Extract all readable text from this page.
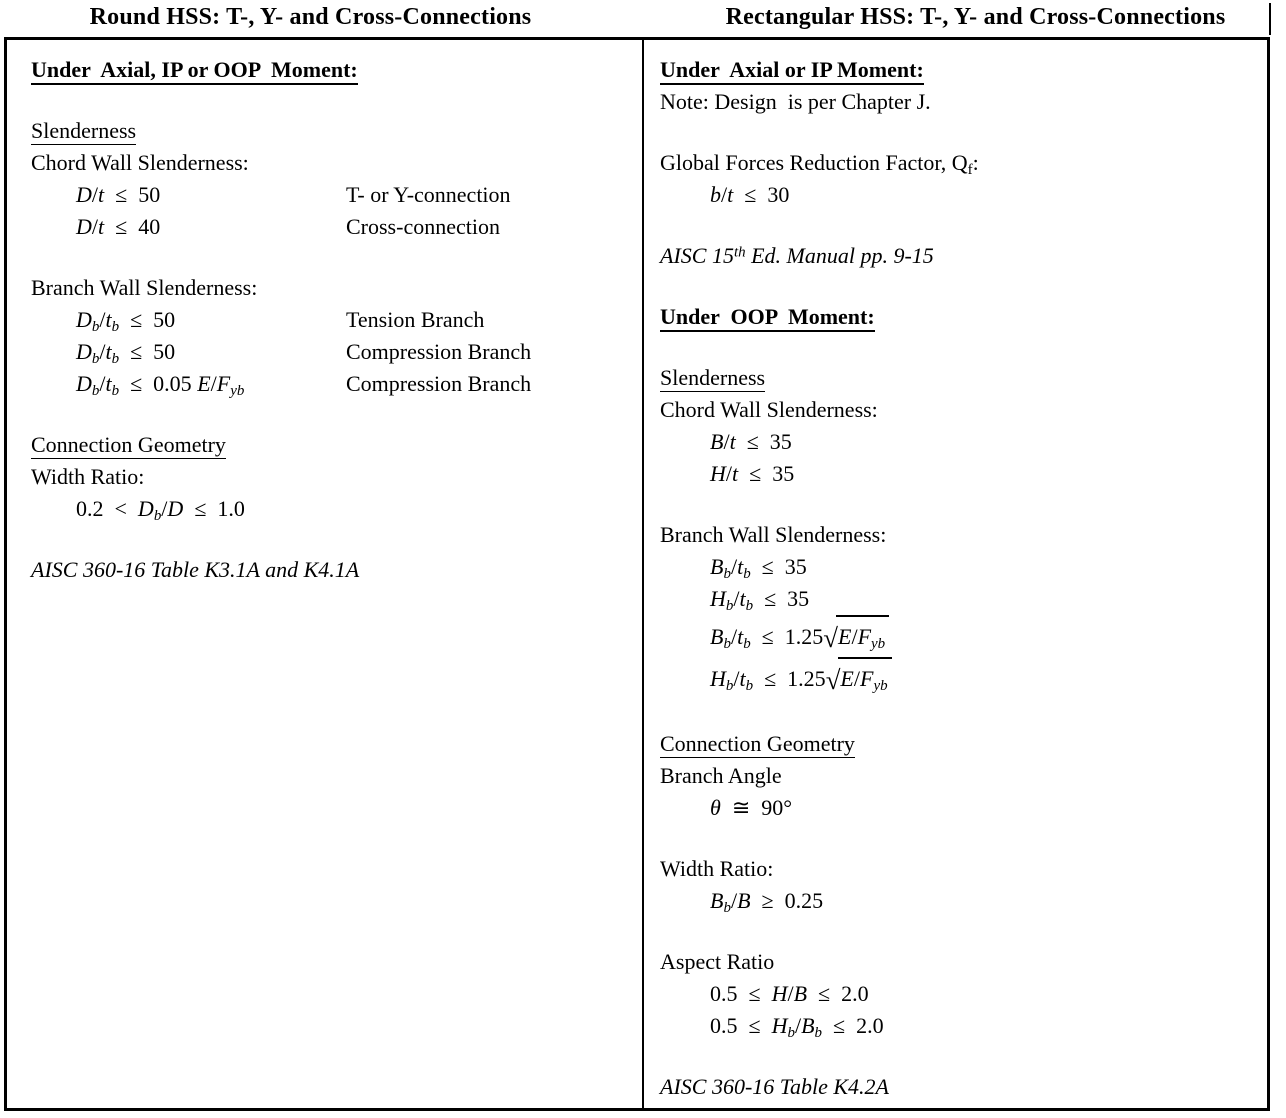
Round HSS: T-, Y- and Cross-Connections	Rectangular HSS: T-, Y- and Cross-Connections
Under  Axial, IP or OOP  Moment:
Slenderness
Chord Wall Slenderness:
D/t  ≤  50	T- or Y-connection
D/t  ≤  40	Cross-connection
Branch Wall Slenderness:
$D_b/t_b \le 50$	Tension Branch
$D_b/t_b \le 50$	Compression Branch
$D_b/t_b \le 0.05$ $E/F_{yb}$	Compression Branch
Connection Geometry
Width Ratio:
$0.2 < D_b/D \le 1.0$
AISC 360-16 Table K3.1A and K4.1A
Under  Axial or IP Moment:
Note: Design  is per Chapter J.
Global Forces Reduction Factor, $Q_f$:
b/t  ≤  30
AISC 15th Ed. Manual pp. 9-15
Under  OOP  Moment:
Slenderness
Chord Wall Slenderness:
B/t  ≤  35
H/t  ≤  35
Branch Wall Slenderness:
$B_b/t_b \le 35$
$H_b/t_b \le 35$
$B_b/t_b \le 1.25√E/F_{yb}$
$H_b/t_b \le 1.25√E/F_{yb}$
Connection Geometry
Branch Angle
θ  ≅  90°
Width Ratio:
$B_b/B \ge 0.25$
Aspect Ratio
0.5  ≤  H/B  ≤  2.0
$0.5 \le H_b/B_b \le 2.0$
AISC 360-16 Table K4.2A
